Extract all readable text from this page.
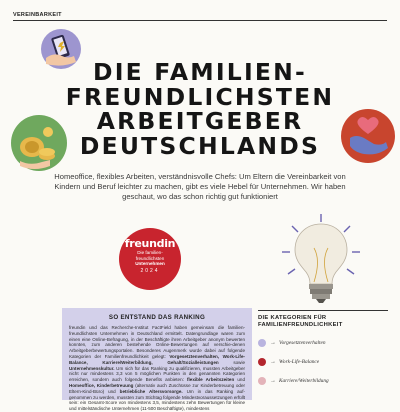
VEREINBARKEIT
DIE FAMILIEN-
FREUNDLICHSTEN
ARBEITGEBER
DEUTSCHLANDS
Homeoffice, flexibles Arbeiten, verständnisvolle Chefs: Um Eltern die Vereinbarkeit von Kindern und Beruf leichter zu machen, gibt es viele Hebel für Unternehmen. Wir haben geschaut, wo das schon richtig gut funktioniert
freundin
Die familien-
freundlichsten
Unternehmen
2024
SO ENTSTAND DAS RANKING
freundin und das Recherche-Institut FactField haben gemeinsam die familien-freundlichsten Unternehmen in Deutschland ermittelt. Datengrundlage waren zum einen eine Online-Befragung, in der Beschäftigte ihren Arbeitgeber anonym bewerten konnten, zum anderen bestehende Online-Bewertungen auf verschie-denen Arbeitgeberbewertungsportalen. Besonderes Augenmerk wurde dabei auf folgende Kategorien der Familienfreundlichkeit gelegt: Vorgesetztenverhalten, Work-Life-Balance, Karriere/Weiterbildung, Gehalt/Sozialleistungen sowie Unternehmenskultur. Um sich für das Ranking zu qualifizieren, mussten Arbeitgeber nicht nur mindestens 3,3 von 5 möglichen Punkten in den genannten Kategorien erreichen, sondern auch folgende Benefits anbieten: flexible Arbeitszeiten und Homeoffice, Kinderbetreuung (alternativ auch Zuschüsse zur Kinderbetreuung oder Eltern-Kind-Büro) und betriebliche Altersvorsorge. Um in das Ranking auf-genommen zu werden, mussten zum Stichtag folgende Mindestvoraussetzungen erfüllt sein: ein Gesamt-Score von mindestens 3,5, mindestens zehn Bewertungen für kleine und mittelständische Unternehmen (11-500 Beschäftigte), mindestens
DIE KATEGORIEN FÜR
FAMILIENFREUNDLICHKEIT
→ Vorgesetztenverhalten
→ Work-Life-Balance
→ Karriere/Weiterbildung
